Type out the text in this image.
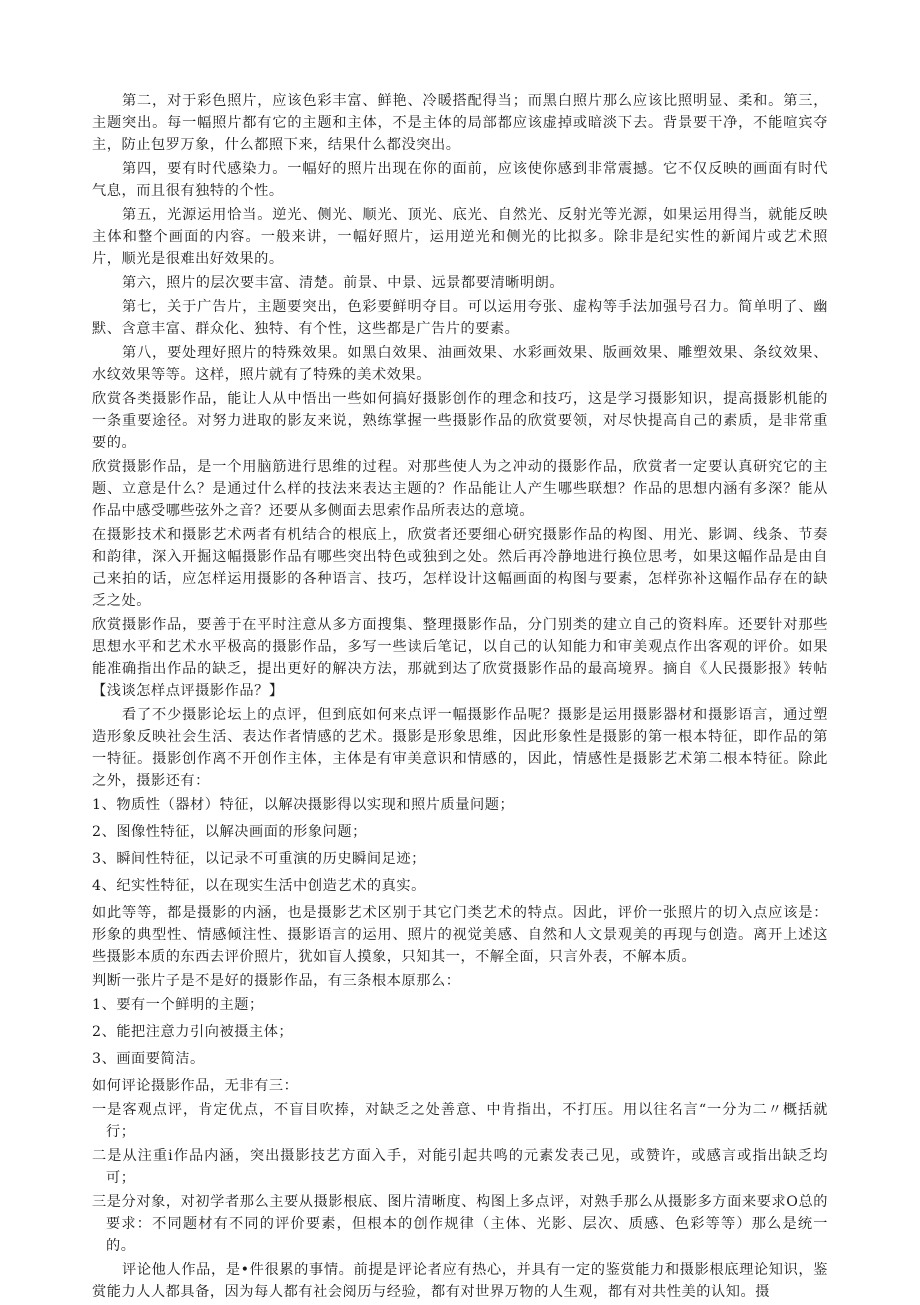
第二，对于彩色照片，应该色彩丰富、鲜艳、冷暖搭配得当；而黑白照片那么应该比照明显、柔和。第三，主题突出。每一幅照片都有它的主题和主体，不是主体的局部都应该虚掉或暗淡下去。背景要干净，不能喧宾夺主，防止包罗万象，什么都照下来，结果什么都没突出。

第四，要有时代感染力。一幅好的照片出现在你的面前，应该使你感到非常震撼。它不仅反映的画面有时代气息，而且很有独特的个性。

第五，光源运用恰当。逆光、侧光、顺光、顶光、底光、自然光、反射光等光源，如果运用得当，就能反映主体和整个画面的内容。一般来讲，一幅好照片，运用逆光和侧光的比拟多。除非是纪实性的新闻片或艺术照片，顺光是很难出好效果的。

第六，照片的层次要丰富、清楚。前景、中景、远景都要清晰明朗。

第七，关于广告片，主题要突出，色彩要鲜明夺目。可以运用夸张、虚构等手法加强号召力。简单明了、幽默、含意丰富、群众化、独特、有个性，这些都是广告片的要素。

第八，要处理好照片的特殊效果。如黑白效果、油画效果、水彩画效果、版画效果、雕塑效果、条纹效果、水纹效果等等。这样，照片就有了特殊的美术效果。

欣赏各类摄影作品，能让人从中悟出一些如何搞好摄影创作的理念和技巧，这是学习摄影知识，提高摄影机能的一条重要途径。对努力进取的影友来说，熟练掌握一些摄影作品的欣赏要领，对尽快提高自己的素质，是非常重要的。

欣赏摄影作品，是一个用脑筋进行思维的过程。对那些使人为之冲动的摄影作品，欣赏者一定要认真研究它的主题、立意是什么？是通过什么样的技法来表达主题的？作品能让人产生哪些联想？作品的思想内涵有多深？能从作品中感受哪些弦外之音？还要从多侧面去思索作品所表达的意境。

在摄影技术和摄影艺术两者有机结合的根底上，欣赏者还要细心研究摄影作品的构图、用光、影调、线条、节奏和韵律，深入开掘这幅摄影作品有哪些突出特色或独到之处。然后再冷静地进行换位思考，如果这幅作品是由自己来拍的话，应怎样运用摄影的各种语言、技巧，怎样设计这幅画面的构图与要素，怎样弥补这幅作品存在的缺乏之处。

欣赏摄影作品，要善于在平时注意从多方面搜集、整理摄影作品，分门别类的建立自己的资料库。还要针对那些思想水平和艺术水平极高的摄影作品，多写一些读后笔记，以自己的认知能力和审美观点作出客观的评价。如果能准确指出作品的缺乏，提出更好的解决方法，那就到达了欣赏摄影作品的最高境界。摘自《人民摄影报》转帖【浅谈怎样点评摄影作品？】

看了不少摄影论坛上的点评，但到底如何来点评一幅摄影作品呢？摄影是运用摄影器材和摄影语言，通过塑造形象反映社会生活、表达作者情感的艺术。摄影是形象思维，因此形象性是摄影的第一根本特征，即作品的第一特征。摄影创作离不开创作主体，主体是有审美意识和情感的，因此，情感性是摄影艺术第二根本特征。除此之外，摄影还有：

1、物质性（器材）特征，以解决摄影得以实现和照片质量问题；

2、图像性特征，以解决画面的形象问题；

3、瞬间性特征，以记录不可重演的历史瞬间足迹；

4、纪实性特征，以在现实生活中创造艺术的真实。

如此等等，都是摄影的内涵，也是摄影艺术区别于其它门类艺术的特点。因此，评价一张照片的切入点应该是：形象的典型性、情感倾注性、摄影语言的运用、照片的视觉美感、自然和人文景观美的再现与创造。离开上述这些摄影本质的东西去评价照片，犹如盲人摸象，只知其一，不解全面，只言外表，不解本质。

判断一张片子是不是好的摄影作品，有三条根本原那么：

1、要有一个鲜明的主题；

2、能把注意力引向被摄主体；

3、画面要简洁。

如何评论摄影作品，无非有三：

一是客观点评，肯定优点，不盲目吹捧，对缺乏之处善意、中肯指出，不打压。用以往名言“一分为二〃概括就行；

二是从注重i作品内涵，突出摄影技艺方面入手，对能引起共鸣的元素发表己见，或赞许，或感言或指出缺乏均可；

三是分对象，对初学者那么主要从摄影根底、图片清晰度、构图上多点评，对熟手那么从摄影多方面来要求O总的要求：不同题材有不同的评价要素，但根本的创作规律（主体、光影、层次、质感、色彩等等）那么是统一的。

评论他人作品，是•件很累的事情。前提是评论者应有热心，并具有一定的鉴赏能力和摄影根底理论知识，鉴赏能力人人都具备，因为每人都有社会阅历与经验，都有对世界万物的人生观，都有对共性美的认知。摄
